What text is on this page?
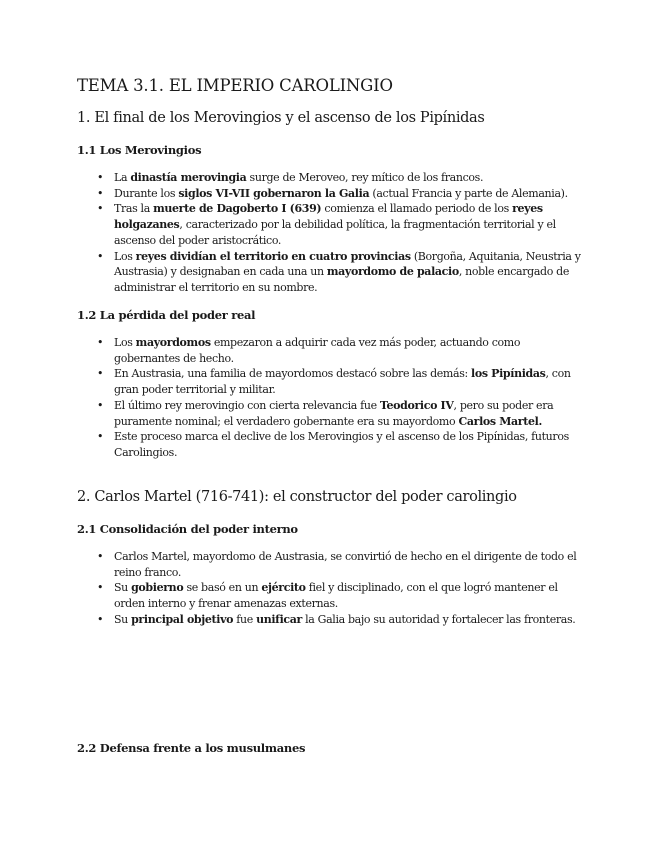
TEMA 3.1. EL IMPERIO CAROLINGIO
1. El final de los Merovingios y el ascenso de los Pipínidas
1.1 Los Merovingios
• La dinastía merovingia surge de Meroveo, rey mítico de los francos.
• Durante los siglos VI-VII gobernaron la Galia (actual Francia y parte de Alemania).
• Tras la muerte de Dagoberto I (639) comienza el llamado periodo de los reyes holgazanes, caracterizado por la debilidad política, la fragmentación territorial y el ascenso del poder aristocrático.
• Los reyes dividían el territorio en cuatro provincias (Borgoña, Aquitania, Neustria y Austrasia) y designaban en cada una un mayordomo de palacio, noble encargado de administrar el territorio en su nombre.
1.2 La pérdida del poder real
• Los mayordomos empezaron a adquirir cada vez más poder, actuando como gobernantes de hecho.
• En Austrasia, una familia de mayordomos destacó sobre las demás: los Pipínidas, con gran poder territorial y militar.
• El último rey merovingio con cierta relevancia fue Teodorico IV, pero su poder era puramente nominal; el verdadero gobernante era su mayordomo Carlos Martel.
• Este proceso marca el declive de los Merovingios y el ascenso de los Pipínidas, futuros Carolingios.
2. Carlos Martel (716-741): el constructor del poder carolingio
2.1 Consolidación del poder interno
• Carlos Martel, mayordomo de Austrasia, se convirtió de hecho en el dirigente de todo el reino franco.
• Su gobierno se basó en un ejército fiel y disciplinado, con el que logró mantener el orden interno y frenar amenazas externas.
• Su principal objetivo fue unificar la Galia bajo su autoridad y fortalecer las fronteras.
2.2 Defensa frente a los musulmanes
